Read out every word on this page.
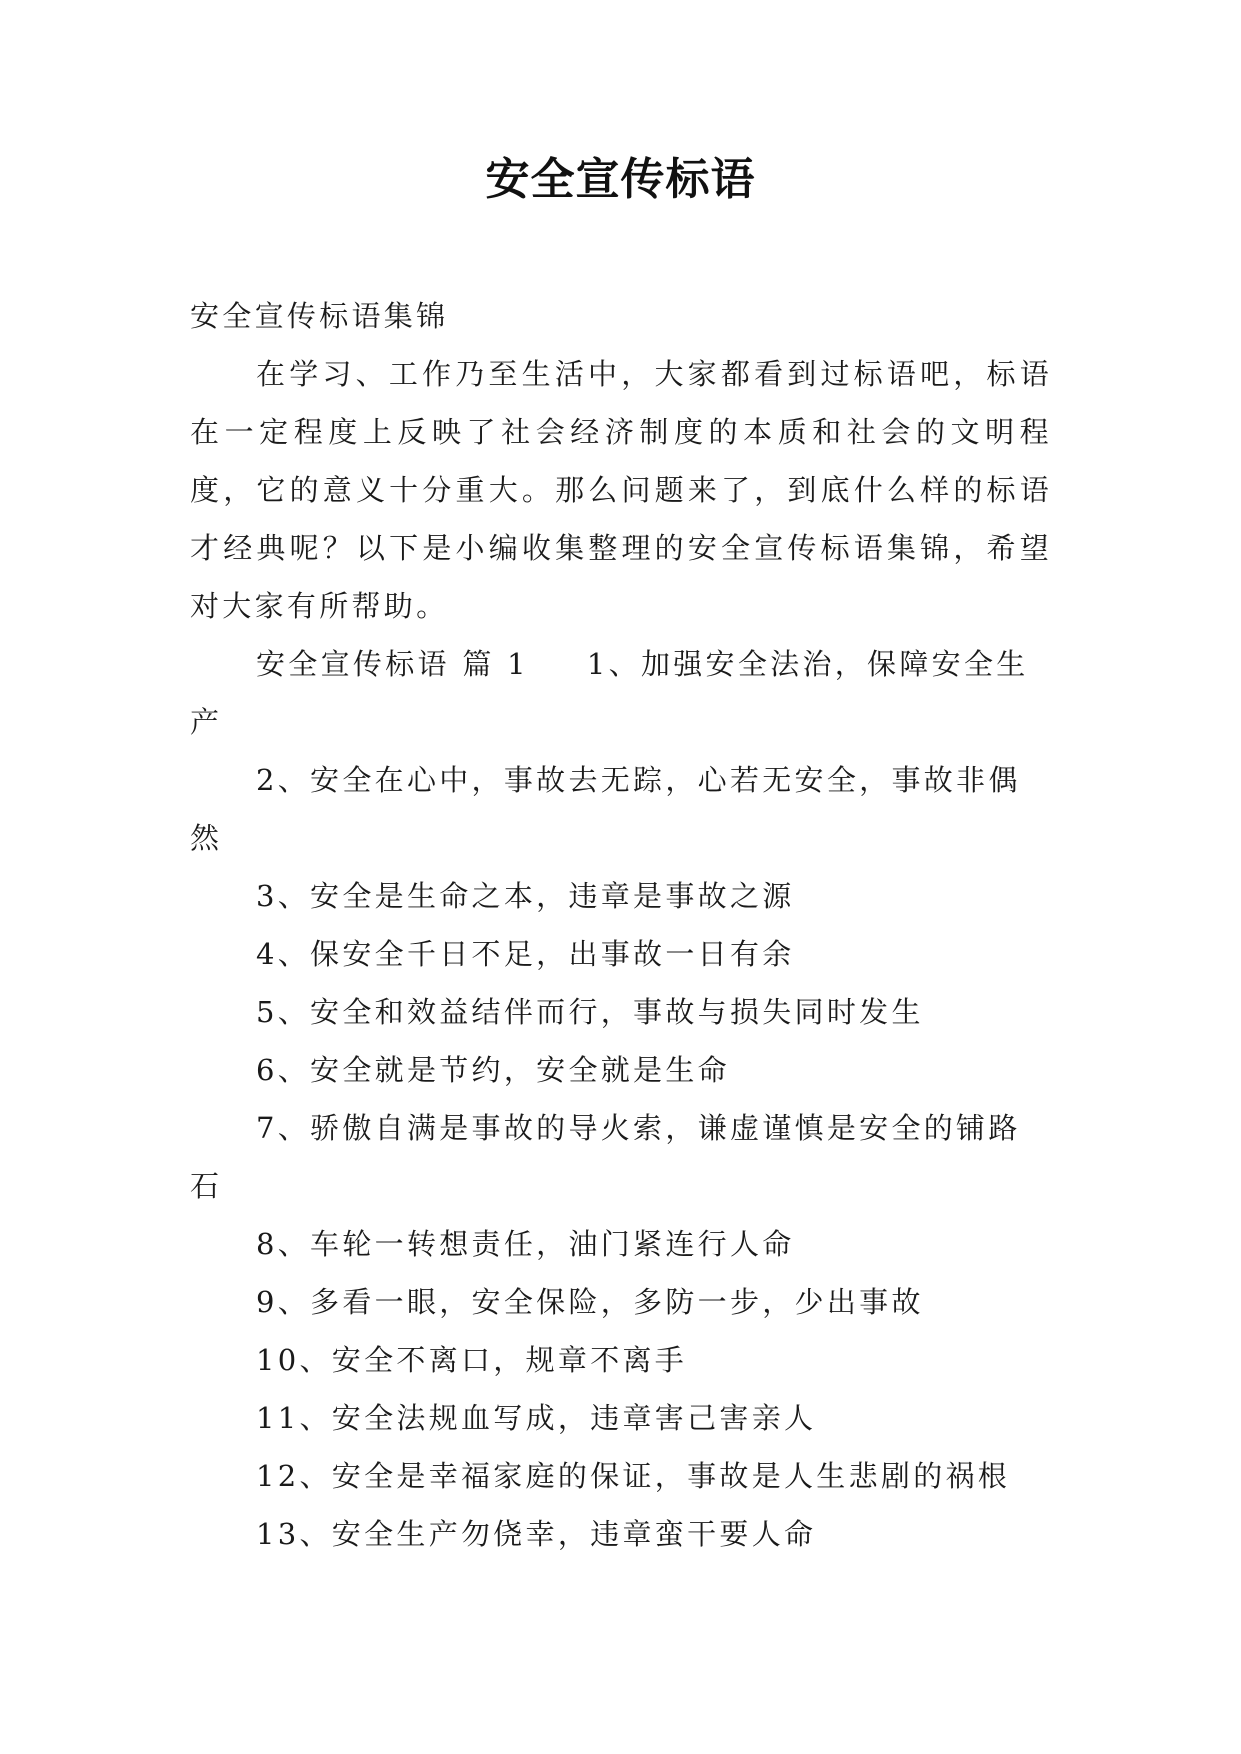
安全宣传标语

安全宣传标语集锦

在学习、工作乃至生活中，大家都看到过标语吧，标语在一定程度上反映了社会经济制度的本质和社会的文明程度，它的意义十分重大。那么问题来了，到底什么样的标语才经典呢？以下是小编收集整理的安全宣传标语集锦，希望对大家有所帮助。

安全宣传标语 篇 1 1、加强安全法治，保障安全生产

2、安全在心中，事故去无踪，心若无安全，事故非偶然
3、安全是生命之本，违章是事故之源
4、保安全千日不足，出事故一日有余
5、安全和效益结伴而行，事故与损失同时发生
6、安全就是节约，安全就是生命
7、骄傲自满是事故的导火索，谦虚谨慎是安全的铺路石
8、车轮一转想责任，油门紧连行人命
9、多看一眼，安全保险，多防一步，少出事故
10、安全不离口，规章不离手
11、安全法规血写成，违章害己害亲人
12、安全是幸福家庭的保证，事故是人生悲剧的祸根
13、安全生产勿侥幸，违章蛮干要人命
